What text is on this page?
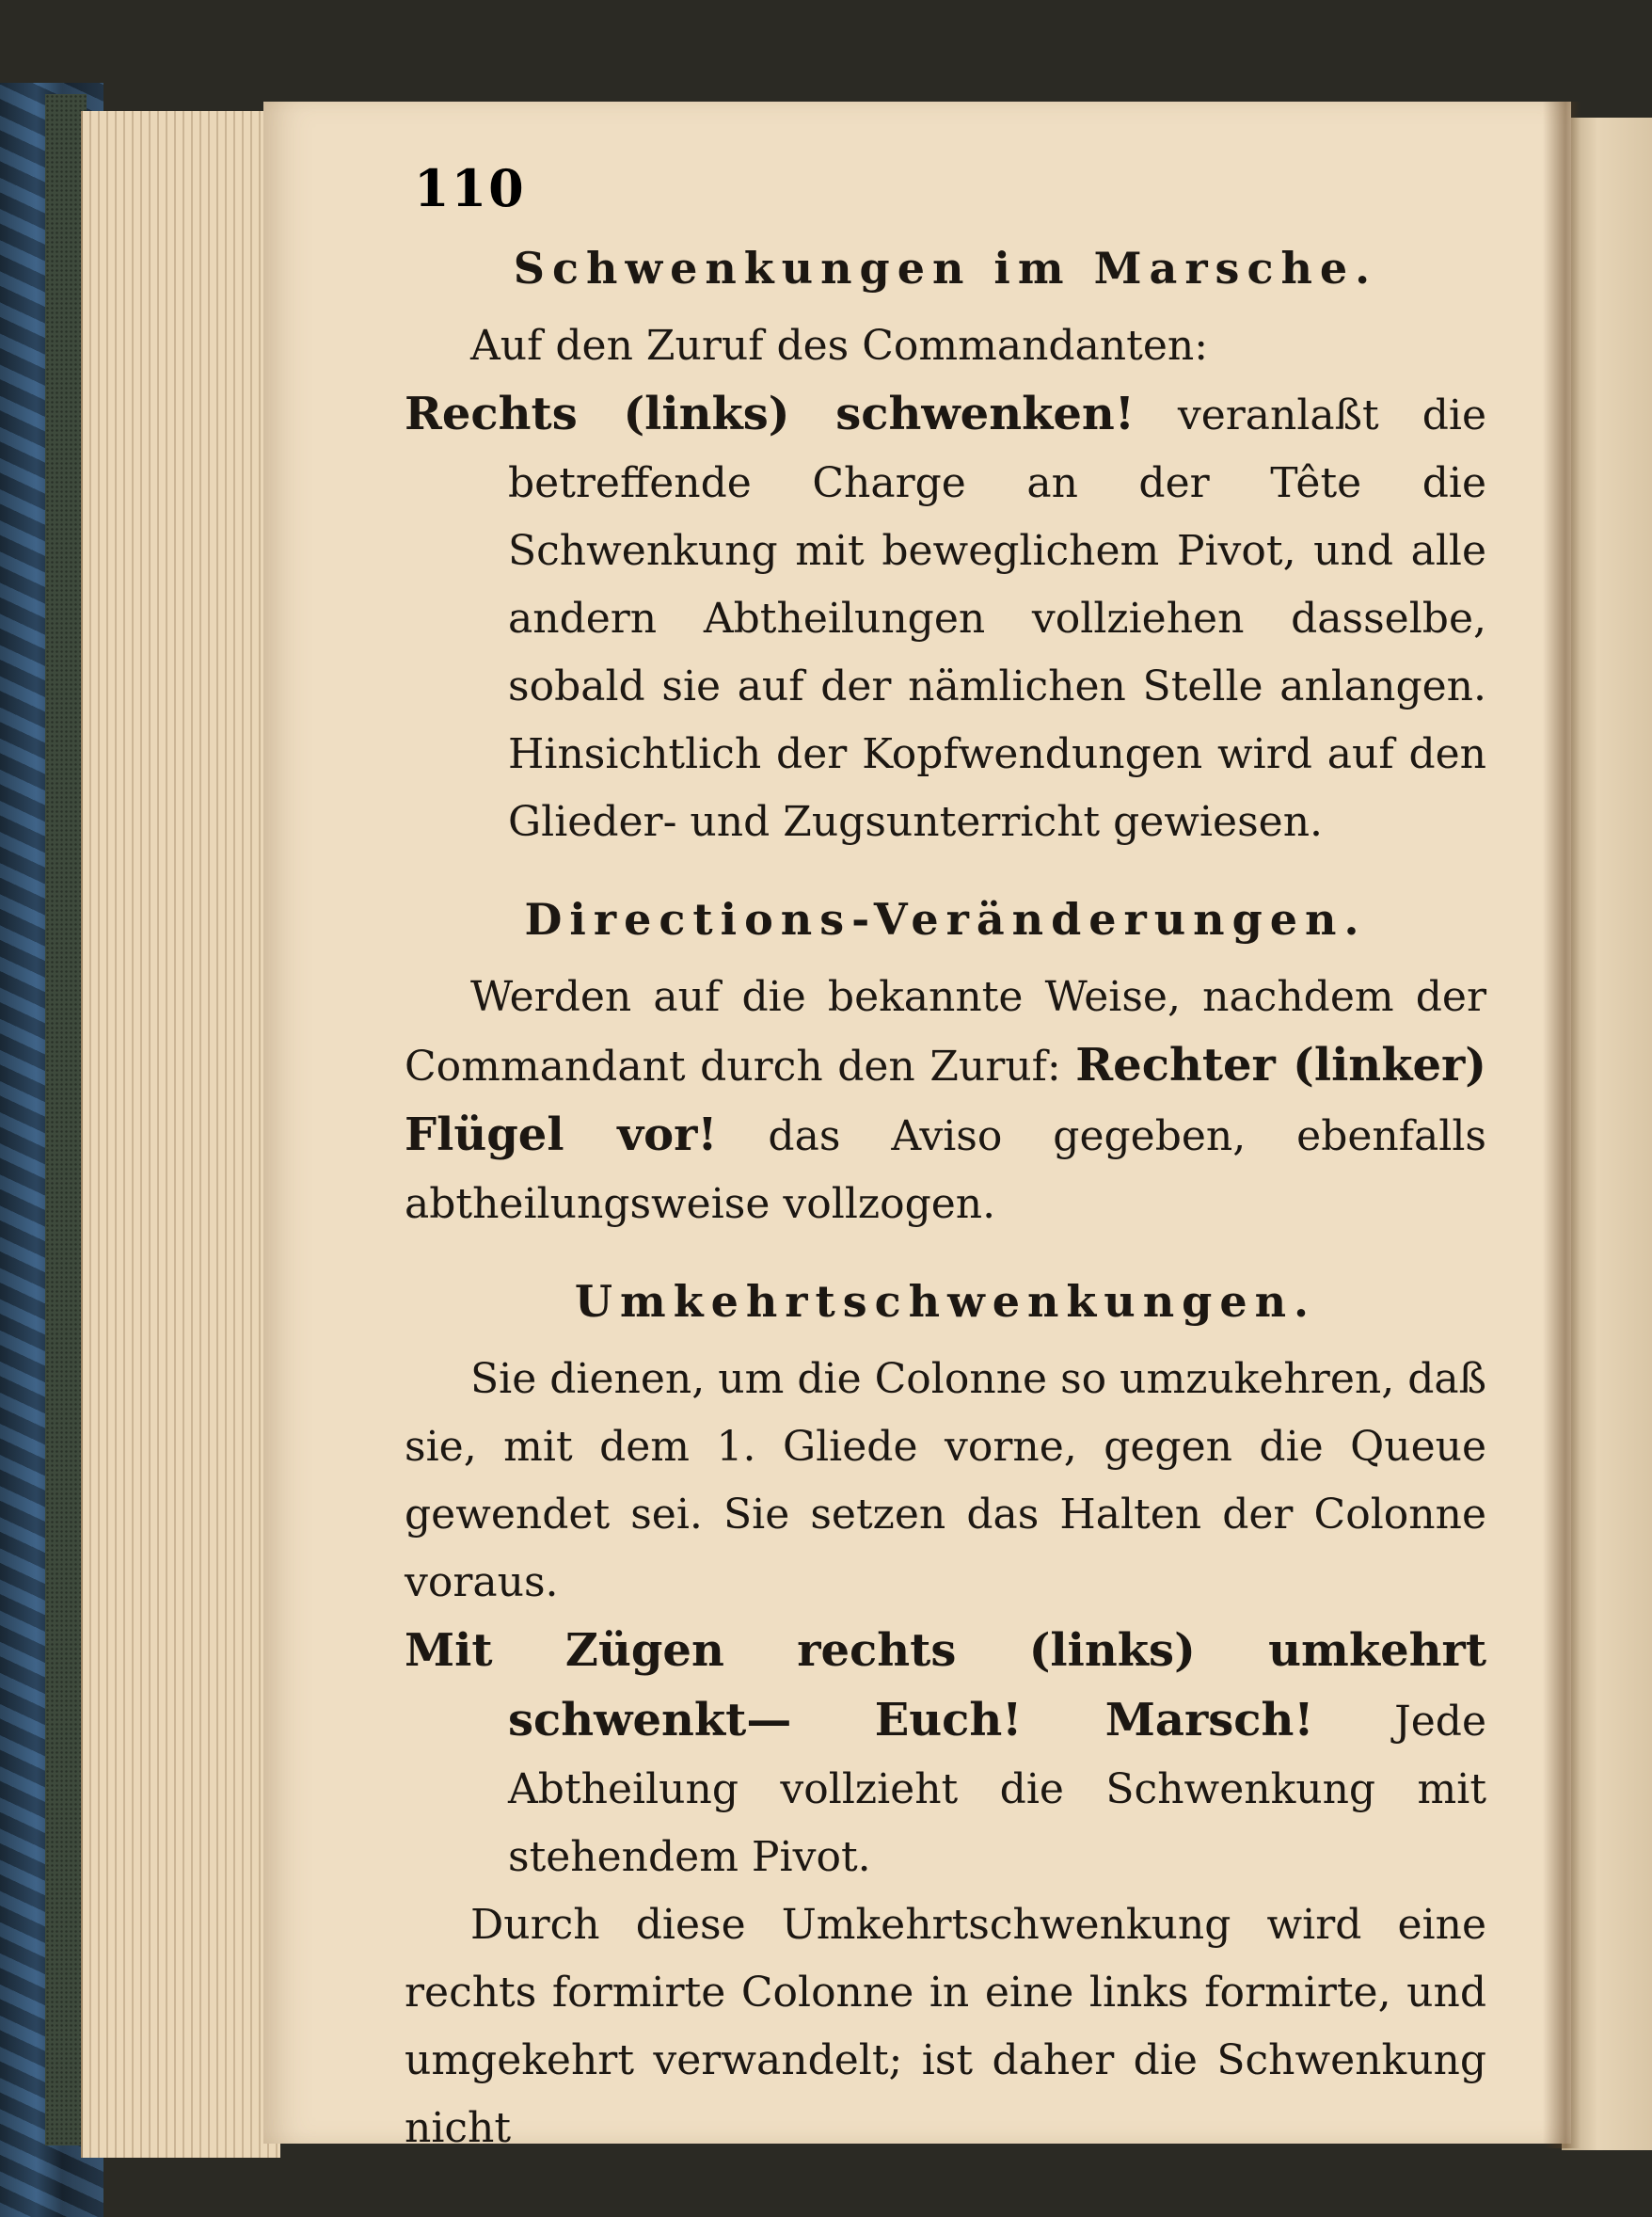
110
Schwenkungen im Marsche.

Auf den Zuruf des Commandanten:

Rechts (links) schwenken! veranlaßt die betreffende Charge an der Tête die Schwenkung mit beweglichem Pivot, und alle andern Abtheilungen vollziehen dasselbe, sobald sie auf der nämlichen Stelle anlangen. Hinsichtlich der Kopfwendungen wird auf den Glieder- und Zugsunterricht gewiesen.

Directions-Veränderungen.

Werden auf die bekannte Weise, nachdem der Commandant durch den Zuruf: Rechter (linker) Flügel vor! das Aviso gegeben, ebenfalls abtheilungsweise vollzogen.

Umkehrtschwenkungen.

Sie dienen, um die Colonne so umzukehren, daß sie, mit dem 1. Gliede vorne, gegen die Queue gewendet sei. Sie setzen das Halten der Colonne voraus.

Mit Zügen rechts (links) umkehrt schwenkt— Euch! Marsch! Jede Abtheilung vollzieht die Schwenkung mit stehendem Pivot.

Durch diese Umkehrtschwenkung wird eine rechts formirte Colonne in eine links formirte, und umgekehrt verwandelt; ist daher die Schwenkung nicht
